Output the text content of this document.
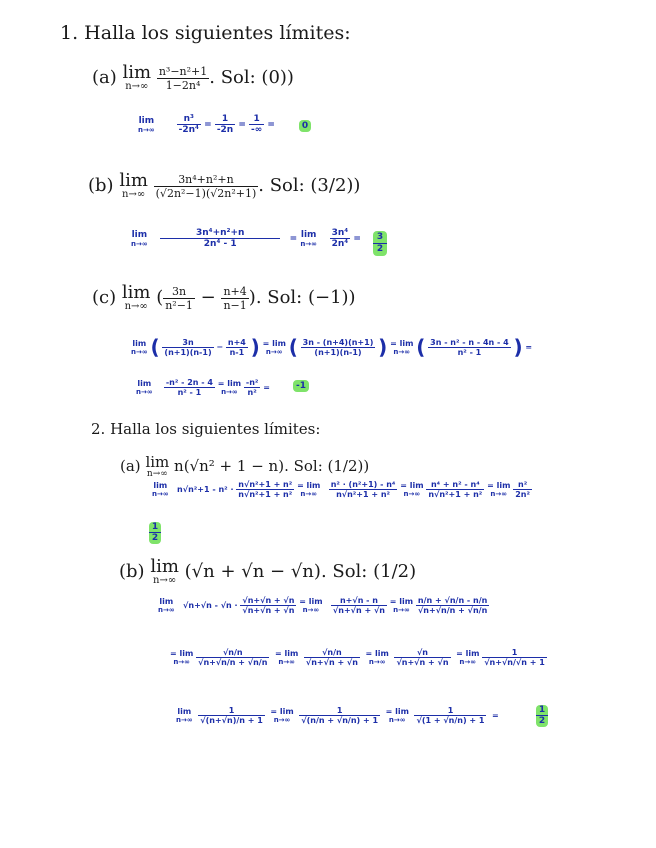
1. Halla los siguientes límites:
(a) lim
n→∞
$\frac{\text{n³−n²+1}}{\text{1−2n⁴}}$ . Sol: (0))
lim
n→∞
$\frac{\text{n³}}{\text{-2n⁴}} = \frac{1}{-2n} = \frac{1}{-\infty}$ =	0
(b) lim
n→∞
$\frac{\text{3n⁴+n²+n}}{\text{(√2n²−1)(√2n²+1)}}$ . Sol: (3/2))
lim
n→∞
$\frac{\text{3n⁴+n²+n}}{\text{2n⁴ - 1}} = \lim$
n→∞
$\frac{\text{3n⁴}}{\text{2n⁴}}$ =	3
2
(c) lim
n→∞ ( $\frac{3n}{\text{n²−1}} - \frac{n+4}{n-1}$ ). Sol: (−1))
lim
n→∞ ( $\frac{3n}{(n+1)(n-1)} - \frac{n+4}{n-1}$ ) = lim
n→∞ ( $\frac{3n - (n+4)(n+1)}{(n+1)(n-1)}$ ) = lim
n→∞ ( $\frac{\text{3n - n² - n - 4n - 4}}{\text{n² - 1}}$ ) =
lim
n→∞
$\frac{\text{-n² - 2n - 4}}{\text{n² - 1}} = \lim$
n→∞
$\frac{\text{-n²}}{\text{n²}}$ =	-1
2. Halla los siguientes límites:
(a) lim
n→∞ n(√n² + 1 − n). Sol: (1/2))
lim
n→∞ $n√n^2+1 - n^2 \cdot \frac{\text{n√n²+1 + n²}}{\text{n√n²+1 + n²}} = \lim$
n→∞
	$\frac{\text{n² · (n²+1) - n⁴}}{\text{n√n²+1 + n²}} = \lim$
n→∞
$\frac{\text{n⁴ + n² - n⁴}}{\text{n√n²+1 + n²}} = \lim$
n→∞
$\frac{\text{n²}}{\text{2n²}}$
1
2
(b) lim
n→∞ (√n + √n − √n). Sol: (1/2)
lim
n→∞ $√n+√n - √n \cdot \frac{√n+√n + √n}{√n+√n + √n} = \lim$
n→∞
	$\frac{n+√n - n}{√n+√n + √n} = \lim$
n→∞
$\frac{n/n + √n/n - n/n}{√n+√n/n + √n/n}$
= lim
n→∞
$\frac{√n/n}{√n+√n/n + √n/n} = \lim$
n→∞
	$\frac{√n/n}{√n+√n + √n} = \lim$
n→∞
	$\frac{√n}{√n+√n + √n} = \lim$
n→∞
$\frac{1}{√n+√n/√n + 1}$
lim
n→∞
$\frac{1}{√(n+√n)/n + 1} = \lim$
n→∞
	$\frac{1}{√(n/n + √n/n) + 1} = \lim$
n→∞
	$\frac{1}{√(1 + √n/n) + 1}$ =
1
2
